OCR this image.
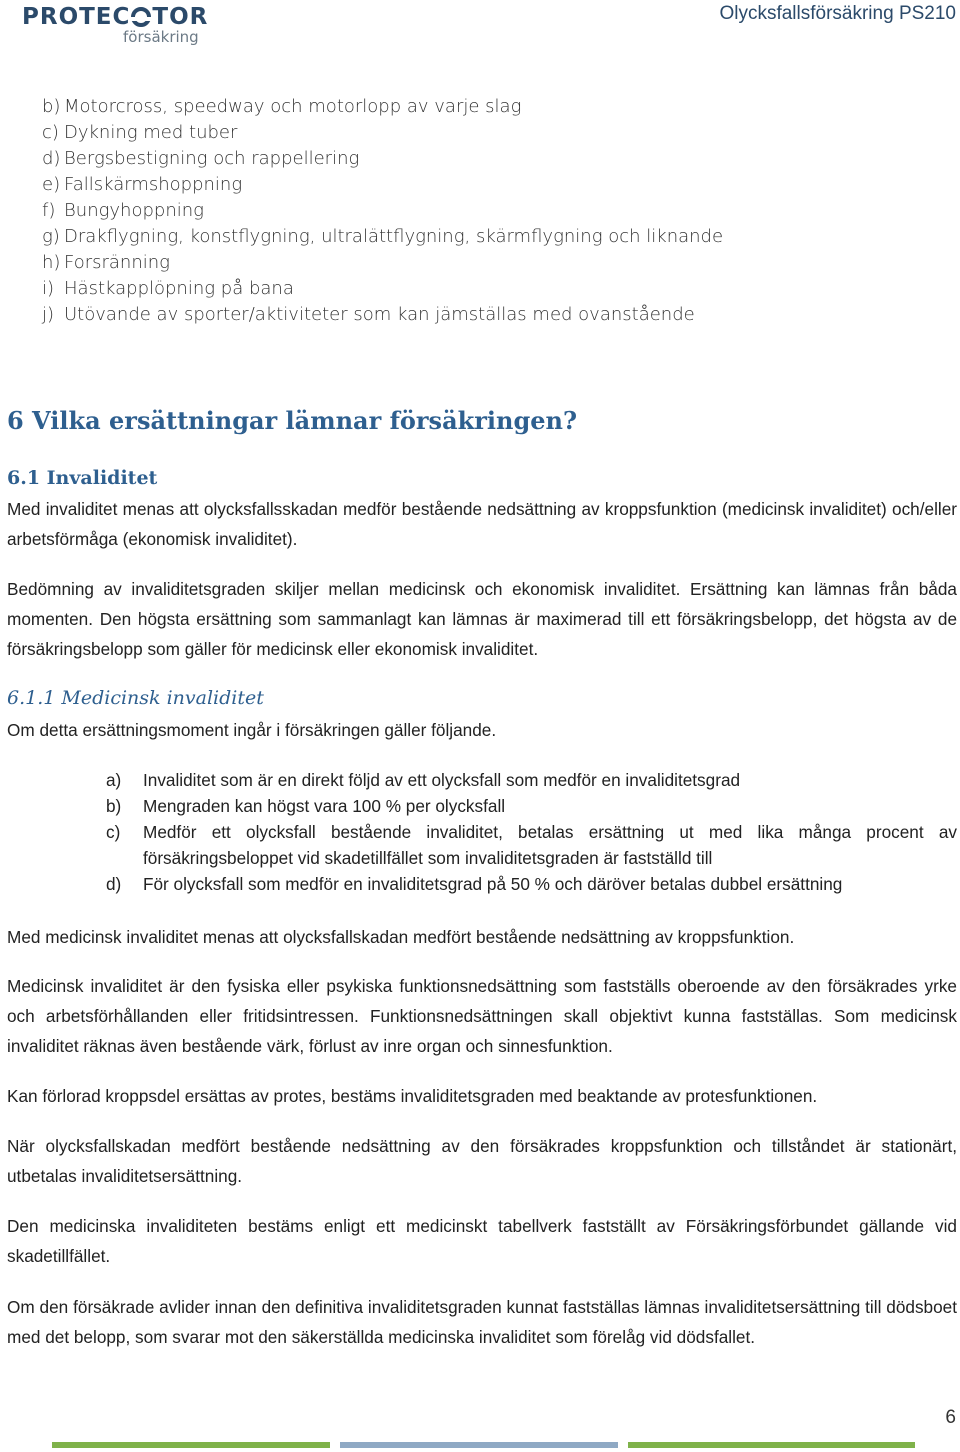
PROTEC TOR
försäkring
Olycksfallsförsäkring PS210
b) Motorcross, speedway och motorlopp av varje slag
c) Dykning med tuber
d) Bergsbestigning och rappellering
e) Fallskärmshoppning
f) Bungyhoppning
g) Drakflygning, konstflygning, ultralättflygning, skärmflygning och liknande
h) Forsränning
i) Hästkapplöpning på bana
j) Utövande av sporter/aktiviteter som kan jämställas med ovanstående
6 Vilka ersättningar lämnar försäkringen?
6.1 Invaliditet
Med invaliditet menas att olycksfallsskadan medför bestående nedsättning av kroppsfunktion (medicinsk invaliditet) och/eller arbetsförmåga (ekonomisk invaliditet).
Bedömning av invaliditetsgraden skiljer mellan medicinsk och ekonomisk invaliditet. Ersättning kan lämnas från båda momenten. Den högsta ersättning som sammanlagt kan lämnas är maximerad till ett försäkringsbelopp, det högsta av de försäkringsbelopp som gäller för medicinsk eller ekonomisk invaliditet.
6.1.1 Medicinsk invaliditet
Om detta ersättningsmoment ingår i försäkringen gäller följande.
a)	Invaliditet som är en direkt följd av ett olycksfall som medför en invaliditetsgrad
b)	Mengraden kan högst vara 100 % per olycksfall
c)	Medför ett olycksfall bestående invaliditet, betalas ersättning ut med lika många procent av försäkringsbeloppet vid skadetillfället som invaliditetsgraden är fastställd till
d)	För olycksfall som medför en invaliditetsgrad på 50 % och däröver betalas dubbel ersättning
Med medicinsk invaliditet menas att olycksfallskadan medfört bestående nedsättning av kroppsfunktion.
Medicinsk invaliditet är den fysiska eller psykiska funktionsnedsättning som fastställs oberoende av den försäkrades yrke och arbetsförhållanden eller fritidsintressen. Funktionsnedsättningen skall objektivt kunna fastställas. Som medicinsk invaliditet räknas även bestående värk, förlust av inre organ och sinnesfunktion.
Kan förlorad kroppsdel ersättas av protes, bestäms invaliditetsgraden med beaktande av protesfunktionen.
När olycksfallskadan medfört bestående nedsättning av den försäkrades kroppsfunktion och tillståndet är stationärt, utbetalas invaliditetsersättning.
Den medicinska invaliditeten bestäms enligt ett medicinskt tabellverk fastställt av Försäkringsförbundet gällande vid skadetillfället.
Om den försäkrade avlider innan den definitiva invaliditetsgraden kunnat fastställas lämnas invaliditetsersättning till dödsboet med det belopp, som svarar mot den säkerställda medicinska invaliditet som förelåg vid dödsfallet.
6
